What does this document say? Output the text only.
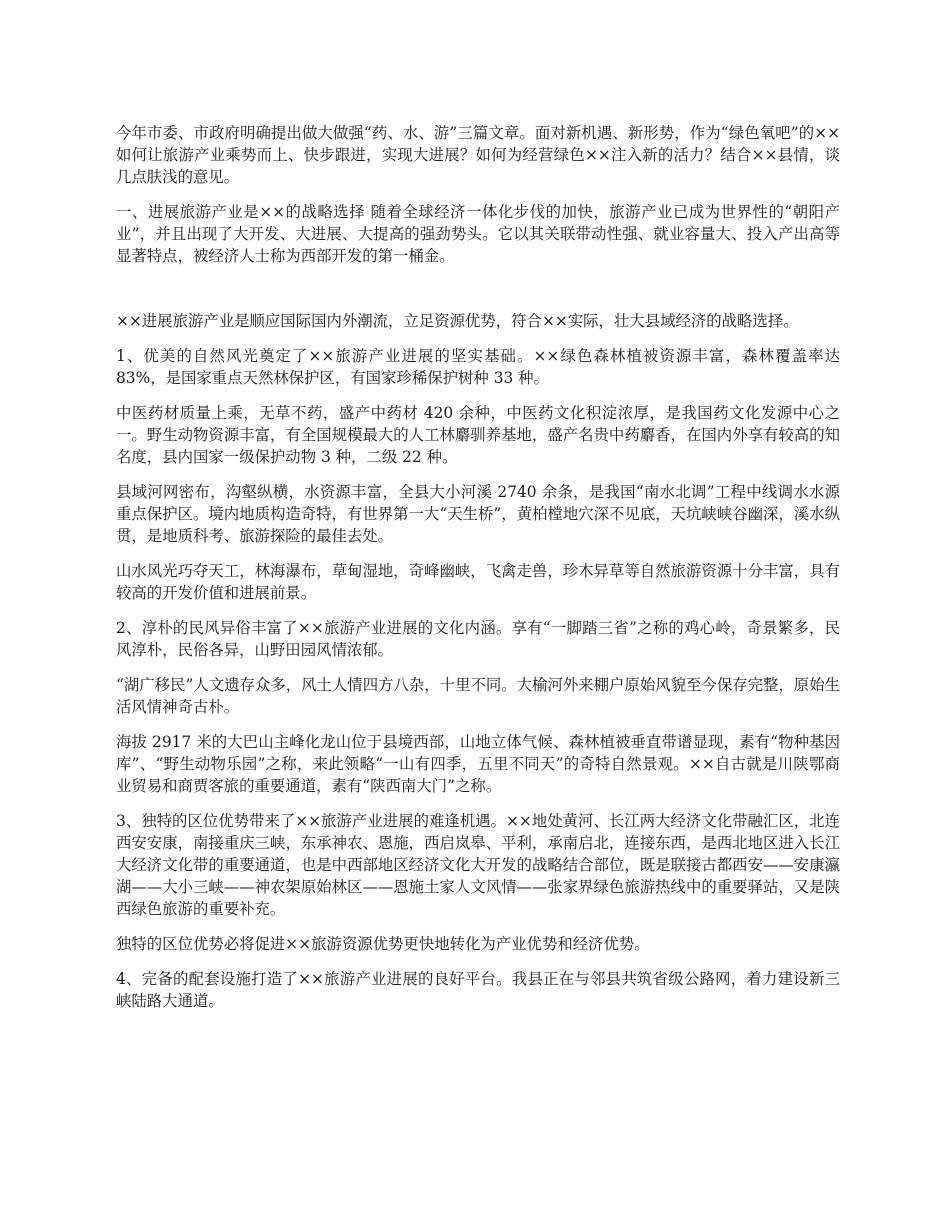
今年市委、市政府明确提出做大做强“药、水、游”三篇文章。面对新机遇、新形势，作为“绿色氧吧”的××如何让旅游产业乘势而上、快步跟进，实现大进展？如何为经营绿色××注入新的活力？结合××县情，谈几点肤浅的意见。

一、进展旅游产业是××的战略选择 随着全球经济一体化步伐的加快，旅游产业已成为世界性的“朝阳产业”，并且出现了大开发、大进展、大提高的强劲势头。它以其关联带动性强、就业容量大、投入产出高等显著特点，被经济人士称为西部开发的第一桶金。

××进展旅游产业是顺应国际国内外潮流，立足资源优势，符合××实际，壮大县域经济的战略选择。

1、优美的自然风光奠定了××旅游产业进展的坚实基础。××绿色森林植被资源丰富，森林覆盖率达 83%，是国家重点天然林保护区，有国家珍稀保护树种 33 种。

中医药材质量上乘，无草不药，盛产中药材 420 余种，中医药文化积淀浓厚，是我国药文化发源中心之一。野生动物资源丰富，有全国规模最大的人工林麝驯养基地，盛产名贵中药麝香，在国内外享有较高的知名度，县内国家一级保护动物 3 种，二级 22 种。

县域河网密布，沟壑纵横，水资源丰富，全县大小河溪 2740 余条，是我国“南水北调”工程中线调水水源重点保护区。境内地质构造奇特，有世界第一大“天生桥”，黄柏樘地穴深不见底，天坑峡峡谷幽深，溪水纵贯，是地质科考、旅游探险的最佳去处。

山水风光巧夺天工，林海瀑布，草甸湿地，奇峰幽峡，飞禽走兽，珍木异草等自然旅游资源十分丰富，具有较高的开发价值和进展前景。

2、淳朴的民风异俗丰富了××旅游产业进展的文化内涵。享有“一脚踏三省”之称的鸡心岭，奇景繁多，民风淳朴，民俗各异，山野田园风情浓郁。

“湖广移民”人文遗存众多，风土人情四方八杂，十里不同。大榆河外来棚户原始风貌至今保存完整，原始生活风情神奇古朴。

海拔 2917 米的大巴山主峰化龙山位于县境西部，山地立体气候、森林植被垂直带谱显现，素有“物种基因库”、“野生动物乐园”之称，来此领略“一山有四季，五里不同天”的奇特自然景观。××自古就是川陕鄂商业贸易和商贾客旅的重要通道，素有“陕西南大门”之称。

3、独特的区位优势带来了××旅游产业进展的难逢机遇。××地处黄河、长江两大经济文化带融汇区，北连西安安康，南接重庆三峡，东承神农、恩施，西启岚皋、平利，承南启北，连接东西，是西北地区进入长江大经济文化带的重要通道，也是中西部地区经济文化大开发的战略结合部位，既是联接古都西安——安康瀛湖——大小三峡——神农架原始林区——恩施土家人文风情——张家界绿色旅游热线中的重要驿站，又是陕西绿色旅游的重要补充。

独特的区位优势必将促进××旅游资源优势更快地转化为产业优势和经济优势。

4、完备的配套设施打造了××旅游产业进展的良好平台。我县正在与邻县共筑省级公路网，着力建设新三峡陆路大通道。
